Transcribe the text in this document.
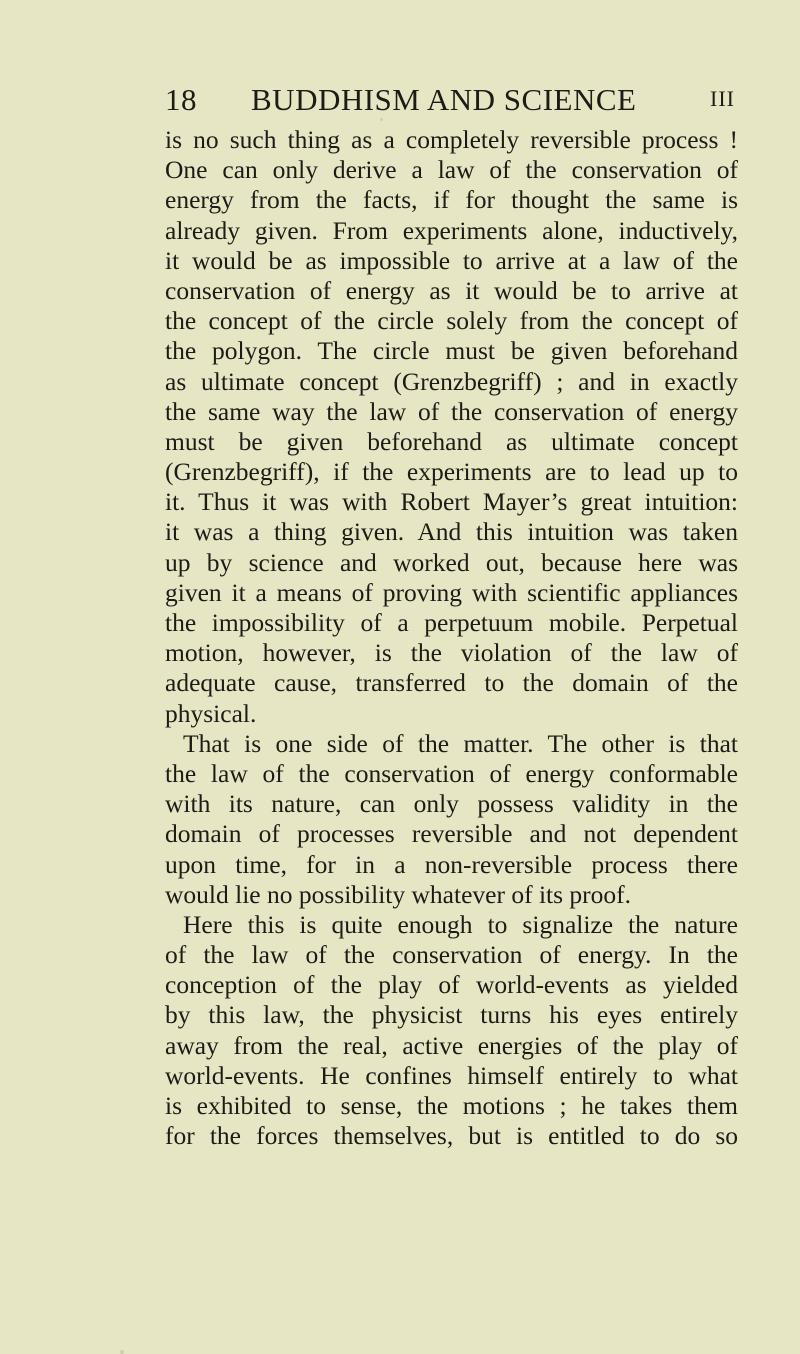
18 BUDDHISM AND SCIENCE	III
is no such thing as a completely reversible process !
One can only derive a law of the conservation of
energy from the facts, if for thought the same is
already given. From experiments alone, inductively,
it would be as impossible to arrive at a law of the
conservation of energy as it would be to arrive at
the concept of the circle solely from the concept of
the polygon. The circle must be given beforehand
as ultimate concept (Grenzbegriff) ; and in exactly
the same way the law of the conservation of energy
must be given beforehand as ultimate concept
(Grenzbegriff), if the experiments are to lead up to
it. Thus it was with Robert Mayer’s great intuition:
it was a thing given. And this intuition was taken
up by science and worked out, because here was
given it a means of proving with scientific appliances
the impossibility of a perpetuum mobile. Perpetual
motion, however, is the violation of the law of
adequate cause, transferred to the domain of the
physical.
That is one side of the matter. The other is that
the law of the conservation of energy conformable
with its nature, can only possess validity in the
domain of processes reversible and not dependent
upon time, for in a non-reversible process there
would lie no possibility whatever of its proof.
Here this is quite enough to signalize the nature
of the law of the conservation of energy. In the
conception of the play of world-events as yielded
by this law, the physicist turns his eyes entirely
away from the real, active energies of the play of
world-events. He confines himself entirely to what
is exhibited to sense, the motions ; he takes them
for the forces themselves, but is entitled to do so
